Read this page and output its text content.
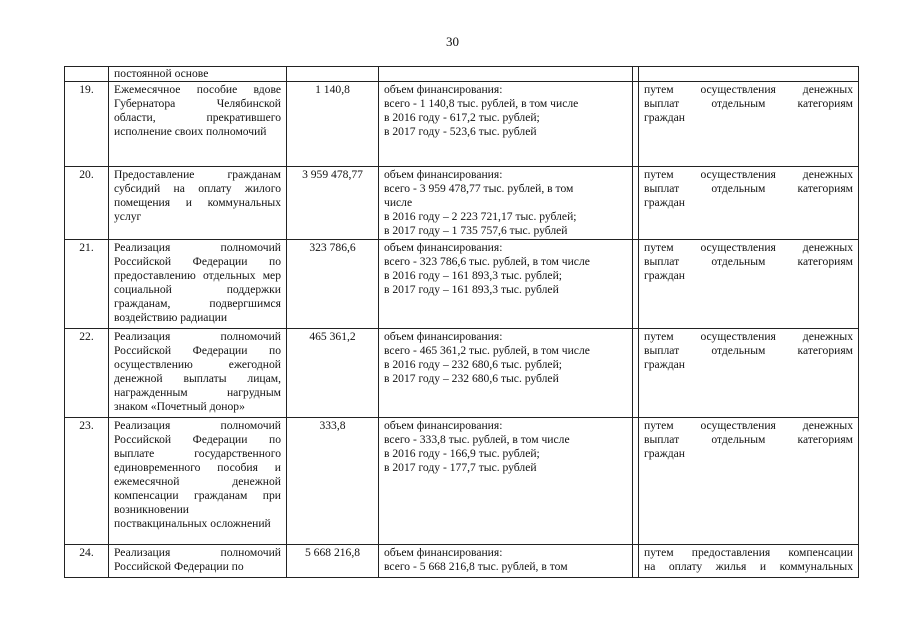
30
	постоянной основе				
19.	Ежемесячное пособие вдове Губернатора Челябинской области, прекратившего исполнение своих полномочий	1 140,8	объем финансирования:
всего - 1 140,8 тыс. рублей, в том числе
в 2016 году - 617,2 тыс. рублей;
в 2017 году - 523,6 тыс. рублей		путем осуществления денежных
выплат отдельным категориям
граждан

20.	Предоставление гражданам субсидий на оплату жилого помещения и коммунальных услуг	3 959 478,77	объем финансирования:
всего - 3 959 478,77 тыс. рублей, в том
числе
в 2016 году – 2 223 721,17 тыс. рублей;
в 2017 году – 1 735 757,6 тыс. рублей		путем осуществления денежных
выплат отдельным категориям
граждан

21.	Реализация полномочий Российской Федерации по предоставлению отдельных мер социальной поддержки гражданам, подвергшимся воздействию радиации	323 786,6	объем финансирования:
всего - 323 786,6 тыс. рублей, в том числе
в 2016 году – 161 893,3 тыс. рублей;
в 2017 году – 161 893,3 тыс. рублей		путем осуществления денежных
выплат отдельным категориям
граждан

22.	Реализация полномочий Российской Федерации по осуществлению ежегодной денежной выплаты лицам, награжденным нагрудным знаком «Почетный донор»	465 361,2	объем финансирования:
всего - 465 361,2 тыс. рублей, в том числе
в 2016 году – 232 680,6 тыс. рублей;
в 2017 году – 232 680,6 тыс. рублей		путем осуществления денежных
выплат отдельным категориям
граждан

23.	Реализация полномочий Российской Федерации по выплате государственного единовременного пособия и ежемесячной денежной компенсации гражданам при возникновении поствакцинальных осложнений	333,8	объем финансирования:
всего - 333,8 тыс. рублей, в том числе
в 2016 году - 166,9 тыс. рублей;
в 2017 году - 177,7 тыс. рублей		путем осуществления денежных
выплат отдельным категориям
граждан

24.	Реализация полномочий Российской Федерации по	5 668 216,8	объем финансирования:
всего - 5 668 216,8 тыс. рублей, в том		путем предоставления компенсации
на оплату жилья и коммунальных
